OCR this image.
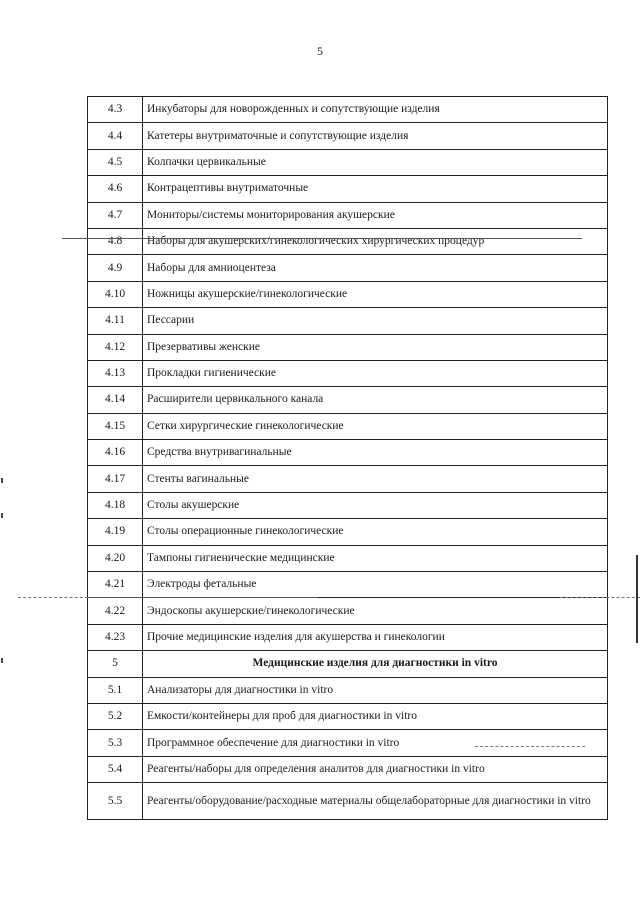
5
4.3	Инкубаторы для новорожденных и сопутствующие изделия
4.4	Катетеры внутриматочные и сопутствующие изделия
4.5	Колпачки цервикальные
4.6	Контрацептивы внутриматочные
4.7	Мониторы/системы мониторирования акушерские
4.8	Наборы для акушерских/гинекологических хирургических процедур
4.9	Наборы для амниоцентеза
4.10	Ножницы акушерские/гинекологические
4.11	Пессарии
4.12	Презервативы женские
4.13	Прокладки гигиенические
4.14	Расширители цервикального канала
4.15	Сетки хирургические гинекологические
4.16	Средства внутривагинальные
4.17	Стенты вагинальные
4.18	Столы акушерские
4.19	Столы операционные гинекологические
4.20	Тампоны гигиенические медицинские
4.21	Электроды фетальные
4.22	Эндоскопы акушерские/гинекологические
4.23	Прочие медицинские изделия для акушерства и гинекологии
5	Медицинские изделия для диагностики in vitro
5.1	Анализаторы для диагностики in vitro
5.2	Емкости/контейнеры для проб для диагностики in vitro
5.3	Программное обеспечение для диагностики in vitro
5.4	Реагенты/наборы для определения аналитов для диагностики in vitro
5.5	Реагенты/оборудование/расходные материалы общелабораторные для диагностики in vitro
